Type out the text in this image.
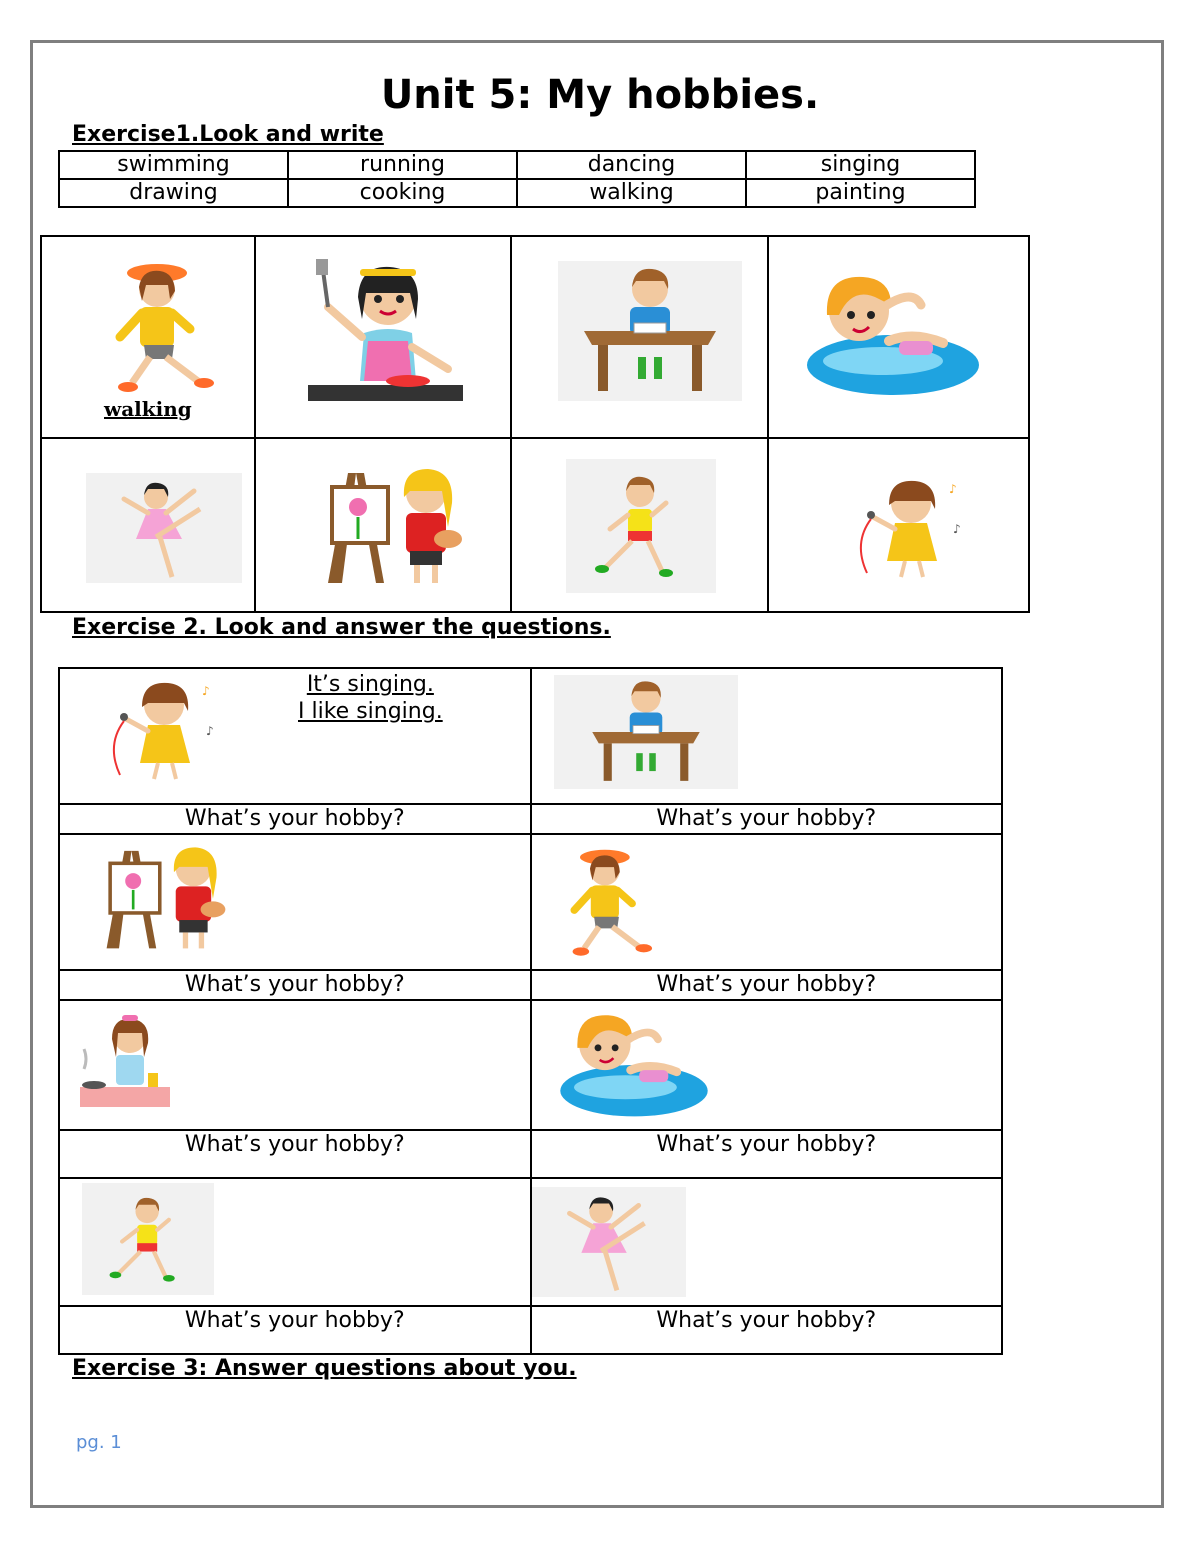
Unit 5: My hobbies.
Exercise1.Look and write
swimming	running	dancing	singing
drawing	cooking	walking	painting
walking

♪
♪
Exercise 2. Look and answer the questions.
♪
♪
It’s singing.
I like singing.

What’s your hobby?	What’s your hobby?

What’s your hobby?	What’s your hobby?

What’s your hobby?	What’s your hobby?

What’s your hobby?	What’s your hobby?
Exercise 3: Answer questions about you.
pg. 1
